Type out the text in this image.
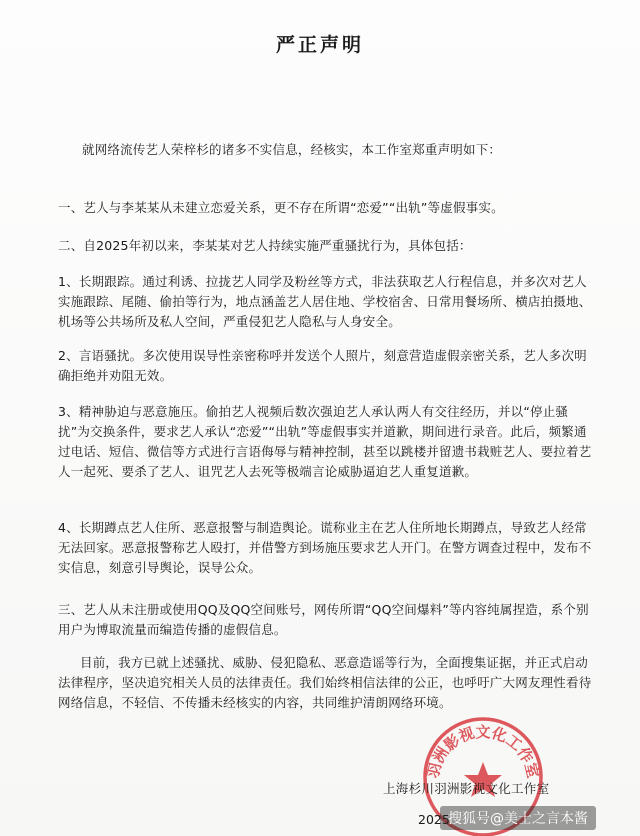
严正声明
就网络流传艺人荣梓杉的诸多不实信息，经核实，本工作室郑重声明如下：
一、艺人与李某某从未建立恋爱关系，更不存在所谓“恋爱”“出轨”等虚假事实。
二、自2025年初以来，李某某对艺人持续实施严重骚扰行为，具体包括：
1、长期跟踪。通过利诱、拉拢艺人同学及粉丝等方式，非法获取艺人行程信息，并多次对艺人实施跟踪、尾随、偷拍等行为，地点涵盖艺人居住地、学校宿舍、日常用餐场所、横店拍摄地、机场等公共场所及私人空间，严重侵犯艺人隐私与人身安全。
2、言语骚扰。多次使用误导性亲密称呼并发送个人照片，刻意营造虚假亲密关系，艺人多次明确拒绝并劝阻无效。
3、精神胁迫与恶意施压。偷拍艺人视频后数次强迫艺人承认两人有交往经历，并以“停止骚扰”为交换条件，要求艺人承认“恋爱”“出轨”等虚假事实并道歉，期间进行录音。此后，频繁通过电话、短信、微信等方式进行言语侮辱与精神控制，甚至以跳楼并留遗书栽赃艺人、要拉着艺人一起死、要杀了艺人、诅咒艺人去死等极端言论威胁逼迫艺人重复道歉。
4、长期蹲点艺人住所、恶意报警与制造舆论。谎称业主在艺人住所地长期蹲点，导致艺人经常无法回家。恶意报警称艺人殴打，并借警方到场施压要求艺人开门。在警方调查过程中，发布不实信息，刻意引导舆论，误导公众。
三、艺人从未注册或使用QQ及QQ空间账号，网传所谓“QQ空间爆料”等内容纯属捏造，系个别用户为博取流量而编造传播的虚假信息。
目前，我方已就上述骚扰、威胁、侵犯隐私、恶意造谣等行为，全面搜集证据，并正式启动法律程序，坚决追究相关人员的法律责任。我们始终相信法律的公正，也呼吁广大网友理性看待网络信息，不轻信、不传播未经核实的内容，共同维护清朗网络环境。
羽洲影视文化工作室
上海杉川羽洲影视文化工作室
2025
搜狐号@美士之言本酱
